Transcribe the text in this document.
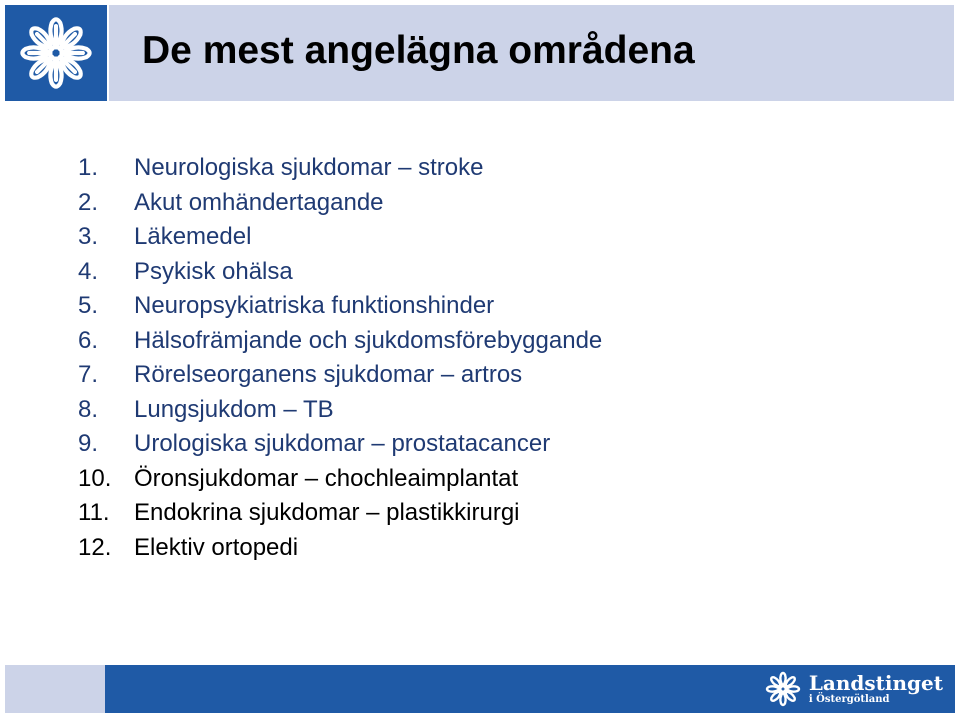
De mest angelägna områdena
1. Neurologiska sjukdomar – stroke
2. Akut omhändertagande
3. Läkemedel
4. Psykisk ohälsa
5. Neuropsykiatriska funktionshinder
6. Hälsofrämjande och sjukdomsförebyggande
7. Rörelseorganens sjukdomar – artros
8. Lungsjukdom – TB
9. Urologiska sjukdomar – prostatacancer
10. Öronsjukdomar – chochleaimplantat
11. Endokrina sjukdomar – plastikkirurgi
12. Elektiv ortopedi
Landstinget
i Östergötland
